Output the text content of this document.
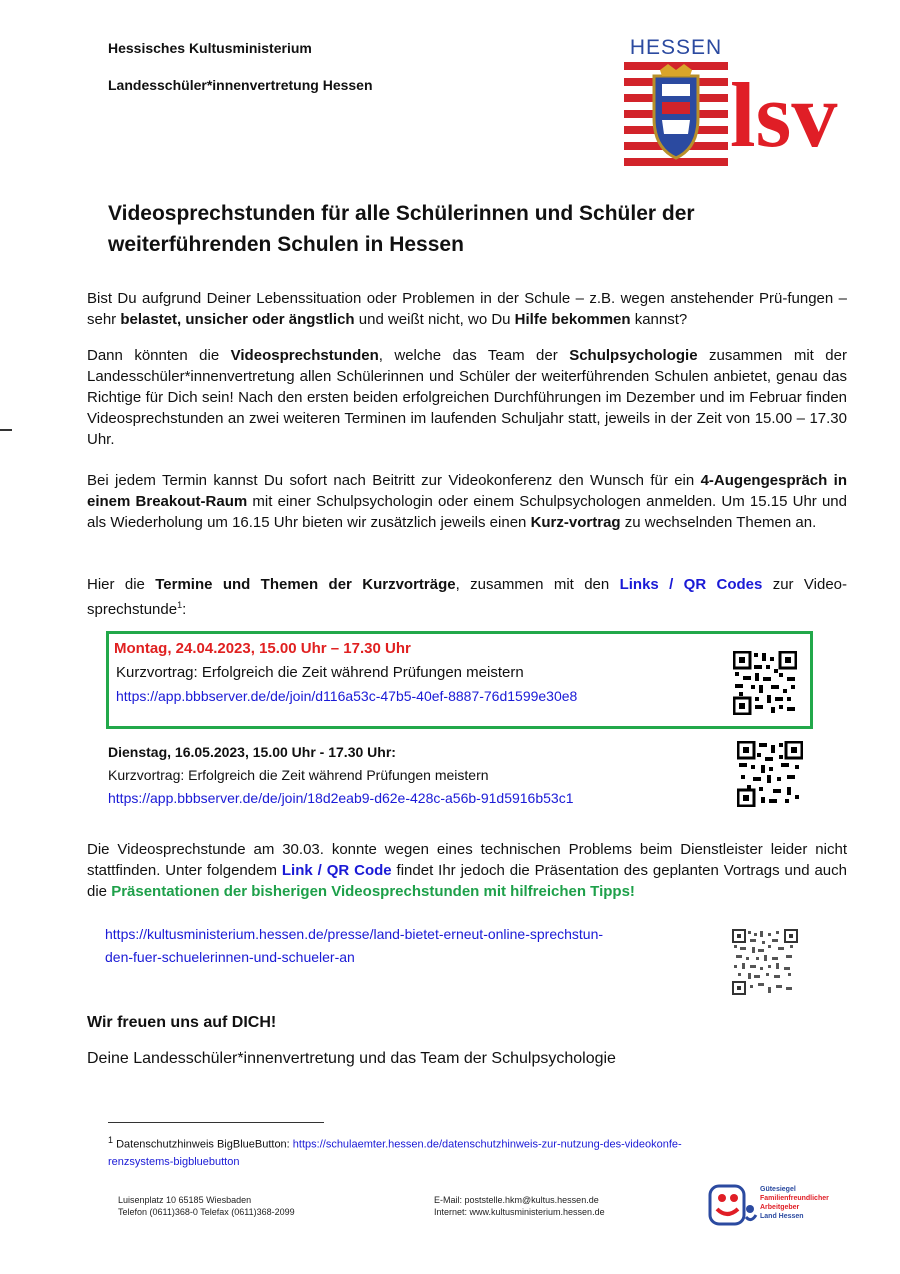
Hessisches Kultusministerium
Landesschüler*innenvertretung Hessen
HESSEN
lsv
Videosprechstunden für alle Schülerinnen und Schüler der
weiterführenden Schulen in Hessen

Bist Du aufgrund Deiner Lebenssituation oder Problemen in der Schule – z.B. wegen anstehender Prü-fungen – sehr belastet, unsicher oder ängstlich und weißt nicht, wo Du Hilfe bekommen kannst?

Dann könnten die Videosprechstunden, welche das Team der Schulpsychologie zusammen mit der Landesschüler*innenvertretung allen Schülerinnen und Schüler der weiterführenden Schulen anbietet, genau das Richtige für Dich sein! Nach den ersten beiden erfolgreichen Durchführungen im Dezember und im Februar finden Videosprechstunden an zwei weiteren Terminen im laufenden Schuljahr statt, jeweils in der Zeit von 15.00 – 17.30 Uhr.

Bei jedem Termin kannst Du sofort nach Beitritt zur Videokonferenz den Wunsch für ein 4-Augengespräch in einem Breakout-Raum mit einer Schulpsychologin oder einem Schulpsychologen anmelden. Um 15.15 Uhr und als Wiederholung um 16.15 Uhr bieten wir zusätzlich jeweils einen Kurz-vortrag zu wechselnden Themen an.

Hier die Termine und Themen der Kurzvorträge, zusammen mit den Links / QR Codes zur Video-sprechstunde$^1$:

Montag, 24.04.2023, 15.00 Uhr – 17.30 Uhr
Kurzvortrag: Erfolgreich die Zeit während Prüfungen meistern
https://app.bbbserver.de/de/join/d116a53c-47b5-40ef-8887-76d1599e30e8
Dienstag, 16.05.2023, 15.00 Uhr - 17.30 Uhr:
Kurzvortrag: Erfolgreich die Zeit während Prüfungen meistern
https://app.bbbserver.de/de/join/18d2eab9-d62e-428c-a56b-91d5916b53c1

Die Videosprechstunde am 30.03. konnte wegen eines technischen Problems beim Dienstleister leider nicht stattfinden. Unter folgendem Link / QR Code findet Ihr jedoch die Präsentation des geplanten Vortrags und auch die Präsentationen der bisherigen Videosprechstunden mit hilfreichen Tipps!

https://kultusministerium.hessen.de/presse/land-bietet-erneut-online-sprechstun-
den-fuer-schuelerinnen-und-schueler-an
Wir freuen uns auf DICH!
Deine Landesschüler*innenvertretung und das Team der Schulpsychologie
$^1$ Datenschutzhinweis BigBlueButton: https://schulaemter.hessen.de/datenschutzhinweis-zur-nutzung-des-videokonfe-
renzsystems-bigbluebutton
Luisenplatz 10 65185 Wiesbaden
Telefon (0611)368-0 Telefax (0611)368-2099
E-Mail: poststelle.hkm@kultus.hessen.de
Internet: www.kultusministerium.hessen.de
Gütesiegel
Familienfreundlicher
Arbeitgeber
Land Hessen
